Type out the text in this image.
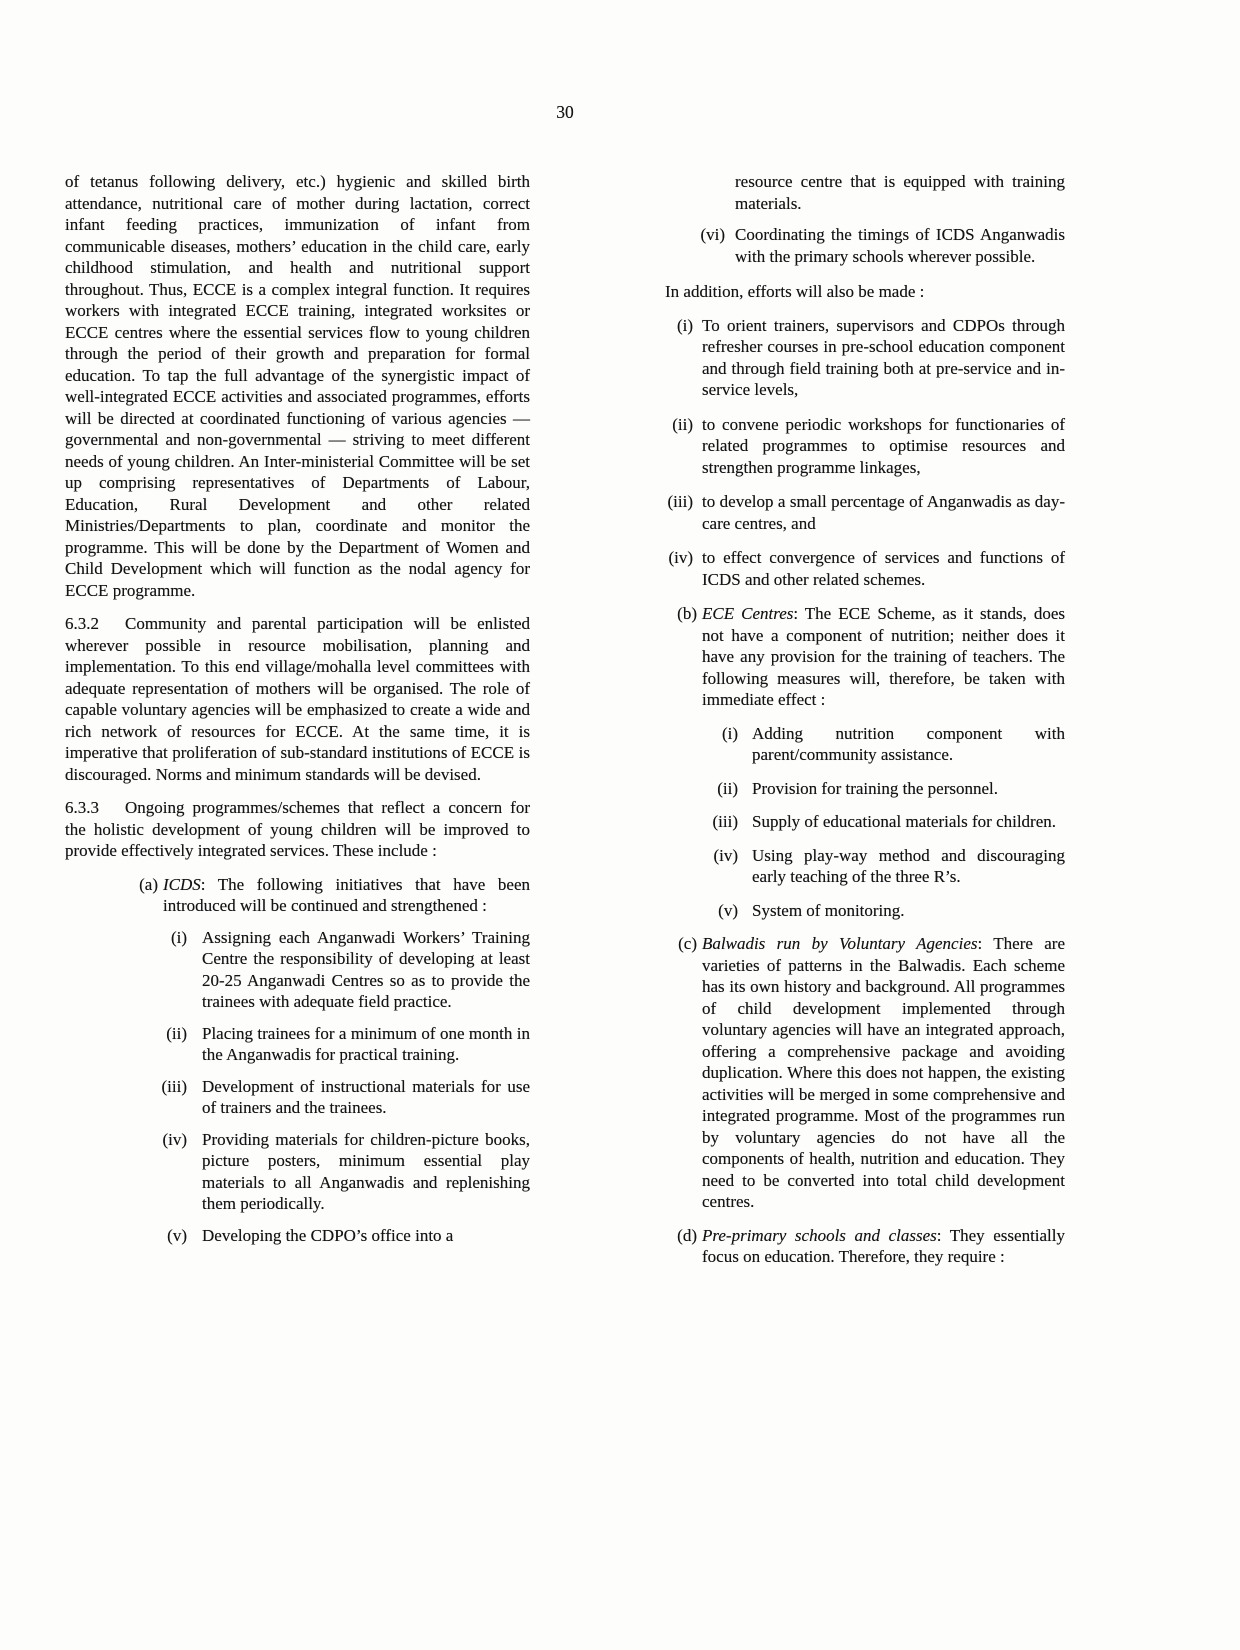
30

of tetanus following delivery, etc.) hygienic and skilled birth attendance, nutritional care of mother during lactation, correct infant feeding practices, immunization of infant from communicable diseases, mothers’ education in the child care, early childhood stimulation, and health and nutritional support throughout. Thus, ECCE is a complex integral function. It requires workers with integrated ECCE training, integrated worksites or ECCE centres where the essential services flow to young children through the period of their growth and preparation for formal education. To tap the full advantage of the synergistic impact of well-integrated ECCE activities and associated programmes, efforts will be directed at coordinated functioning of various agencies — governmental and non-governmental — striving to meet different needs of young children. An Inter-ministerial Committee will be set up comprising representatives of Departments of Labour, Education, Rural Development and other related Ministries/Departments to plan, coordinate and monitor the programme. This will be done by the Department of Women and Child Development which will function as the nodal agency for ECCE programme.

6.3.2 Community and parental participation will be enlisted wherever possible in resource mobilisation, planning and implementation. To this end village/mohalla level committees with adequate representation of mothers will be organised. The role of capable voluntary agencies will be emphasized to create a wide and rich network of resources for ECCE. At the same time, it is imperative that proliferation of sub-standard institutions of ECCE is discouraged. Norms and minimum standards will be devised.

6.3.3 Ongoing programmes/schemes that reflect a concern for the holistic development of young children will be improved to provide effectively integrated services. These include :

(a) ICDS: The following initiatives that have been introduced will be continued and strengthened :
(i) Assigning each Anganwadi Workers’ Training Centre the responsibility of developing at least 20-25 Anganwadi Centres so as to provide the trainees with adequate field practice.
(ii) Placing trainees for a minimum of one month in the Anganwadis for practical training.
(iii) Development of instructional materials for use of trainers and the trainees.
(iv) Providing materials for children-picture books, picture posters, minimum essential play materials to all Anganwadis and replenishing them periodically.
(v) Developing the CDPO’s office into a

resource centre that is equipped with training materials.

(vi) Coordinating the timings of ICDS Anganwadis with the primary schools wherever possible.

In addition, efforts will also be made :

(i) To orient trainers, supervisors and CDPOs through refresher courses in pre-school education component and through field training both at pre-service and in-service levels,
(ii) to convene periodic workshops for functionaries of related programmes to optimise resources and strengthen programme linkages,
(iii) to develop a small percentage of Anganwadis as day-care centres, and
(iv) to effect convergence of services and functions of ICDS and other related schemes.
(b) ECE Centres: The ECE Scheme, as it stands, does not have a component of nutrition; neither does it have any provision for the training of teachers. The following measures will, therefore, be taken with immediate effect :
(i) Adding nutrition component with parent/community assistance.
(ii) Provision for training the personnel.
(iii) Supply of educational materials for children.
(iv) Using play-way method and discouraging early teaching of the three R’s.
(v) System of monitoring.
(c) Balwadis run by Voluntary Agencies: There are varieties of patterns in the Balwadis. Each scheme has its own history and background. All programmes of child development implemented through voluntary agencies will have an integrated approach, offering a comprehensive package and avoiding duplication. Where this does not happen, the existing activities will be merged in some comprehensive and integrated programme. Most of the programmes run by voluntary agencies do not have all the components of health, nutrition and education. They need to be converted into total child development centres.
(d) Pre-primary schools and classes: They essentially focus on education. Therefore, they require :
